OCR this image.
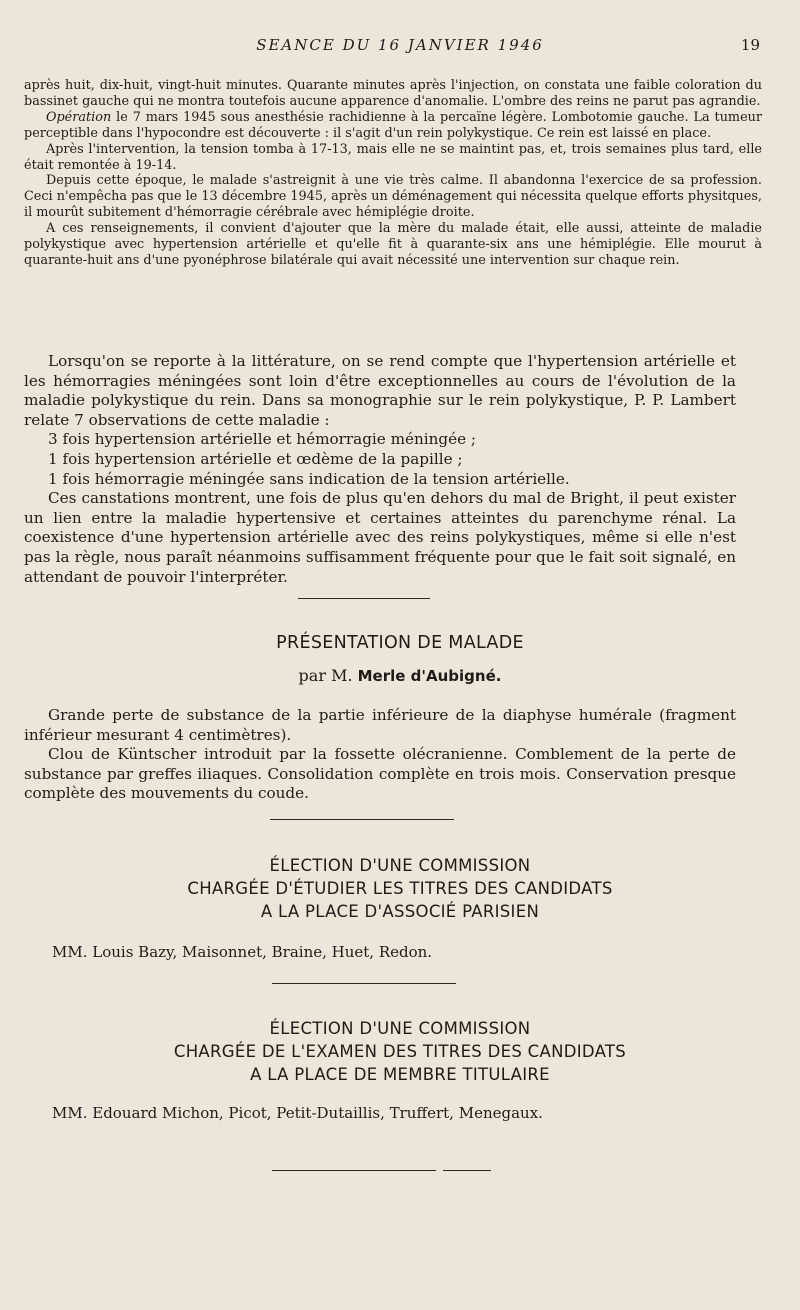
SEANCE DU 16 JANVIER 1946	19

après huit, dix-huit, vingt-huit minutes. Quarante minutes après l'injection, on constata une faible coloration du bassinet gauche qui ne montra toutefois aucune apparence d'anomalie. L'ombre des reins ne parut pas agrandie.

Opération le 7 mars 1945 sous anesthésie rachidienne à la percaïne légère. Lombotomie gauche. La tumeur perceptible dans l'hypocondre est découverte : il s'agit d'un rein polykystique. Ce rein est laissé en place.

Après l'intervention, la tension tomba à 17-13, mais elle ne se maintint pas, et, trois semaines plus tard, elle était remontée à 19-14.

Depuis cette époque, le malade s'astreignit à une vie très calme. Il abandonna l'exercice de sa profession. Ceci n'empêcha pas que le 13 décembre 1945, après un déménagement qui nécessita quelque efforts physitques, il mourût subitement d'hémorragie cérébrale avec hémiplégie droite.

A ces renseignements, il convient d'ajouter que la mère du malade était, elle aussi, atteinte de maladie polykystique avec hypertension artérielle et qu'elle fit à quarante-six ans une hémiplégie. Elle mourut à quarante-huit ans d'une pyonéphrose bilatérale qui avait nécessité une intervention sur chaque rein.

Lorsqu'on se reporte à la littérature, on se rend compte que l'hypertension artérielle et les hémorragies méningées sont loin d'être exceptionnelles au cours de l'évolution de la maladie polykystique du rein. Dans sa monographie sur le rein polykystique, P. P. Lambert relate 7 observations de cette maladie :

3 fois hypertension artérielle et hémorragie méningée ;

1 fois hypertension artérielle et œdème de la papille ;

1 fois hémorragie méningée sans indication de la tension artérielle.

Ces canstations montrent, une fois de plus qu'en dehors du mal de Bright, il peut exister un lien entre la maladie hypertensive et certaines atteintes du parenchyme rénal. La coexistence d'une hypertension artérielle avec des reins polykystiques, même si elle n'est pas la règle, nous paraît néanmoins suffisamment fréquente pour que le fait soit signalé, en attendant de pouvoir l'interpréter.

PRÉSENTATION DE MALADE
par M. Merle d'Aubigné.

Grande perte de substance de la partie inférieure de la diaphyse humérale (fragment inférieur mesurant 4 centimètres).

Clou de Küntscher introduit par la fossette olécranienne. Comblement de la perte de substance par greffes iliaques. Consolidation complète en trois mois. Conservation presque complète des mouvements du coude.

ÉLECTION D'UNE COMMISSION
CHARGÉE D'ÉTUDIER LES TITRES DES CANDIDATS
A LA PLACE D'ASSOCIÉ PARISIEN
MM. Louis Bazy, Maisonnet, Braine, Huet, Redon.
ÉLECTION D'UNE COMMISSION
CHARGÉE DE L'EXAMEN DES TITRES DES CANDIDATS
A LA PLACE DE MEMBRE TITULAIRE
MM. Edouard Michon, Picot, Petit-Dutaillis, Truffert, Menegaux.
